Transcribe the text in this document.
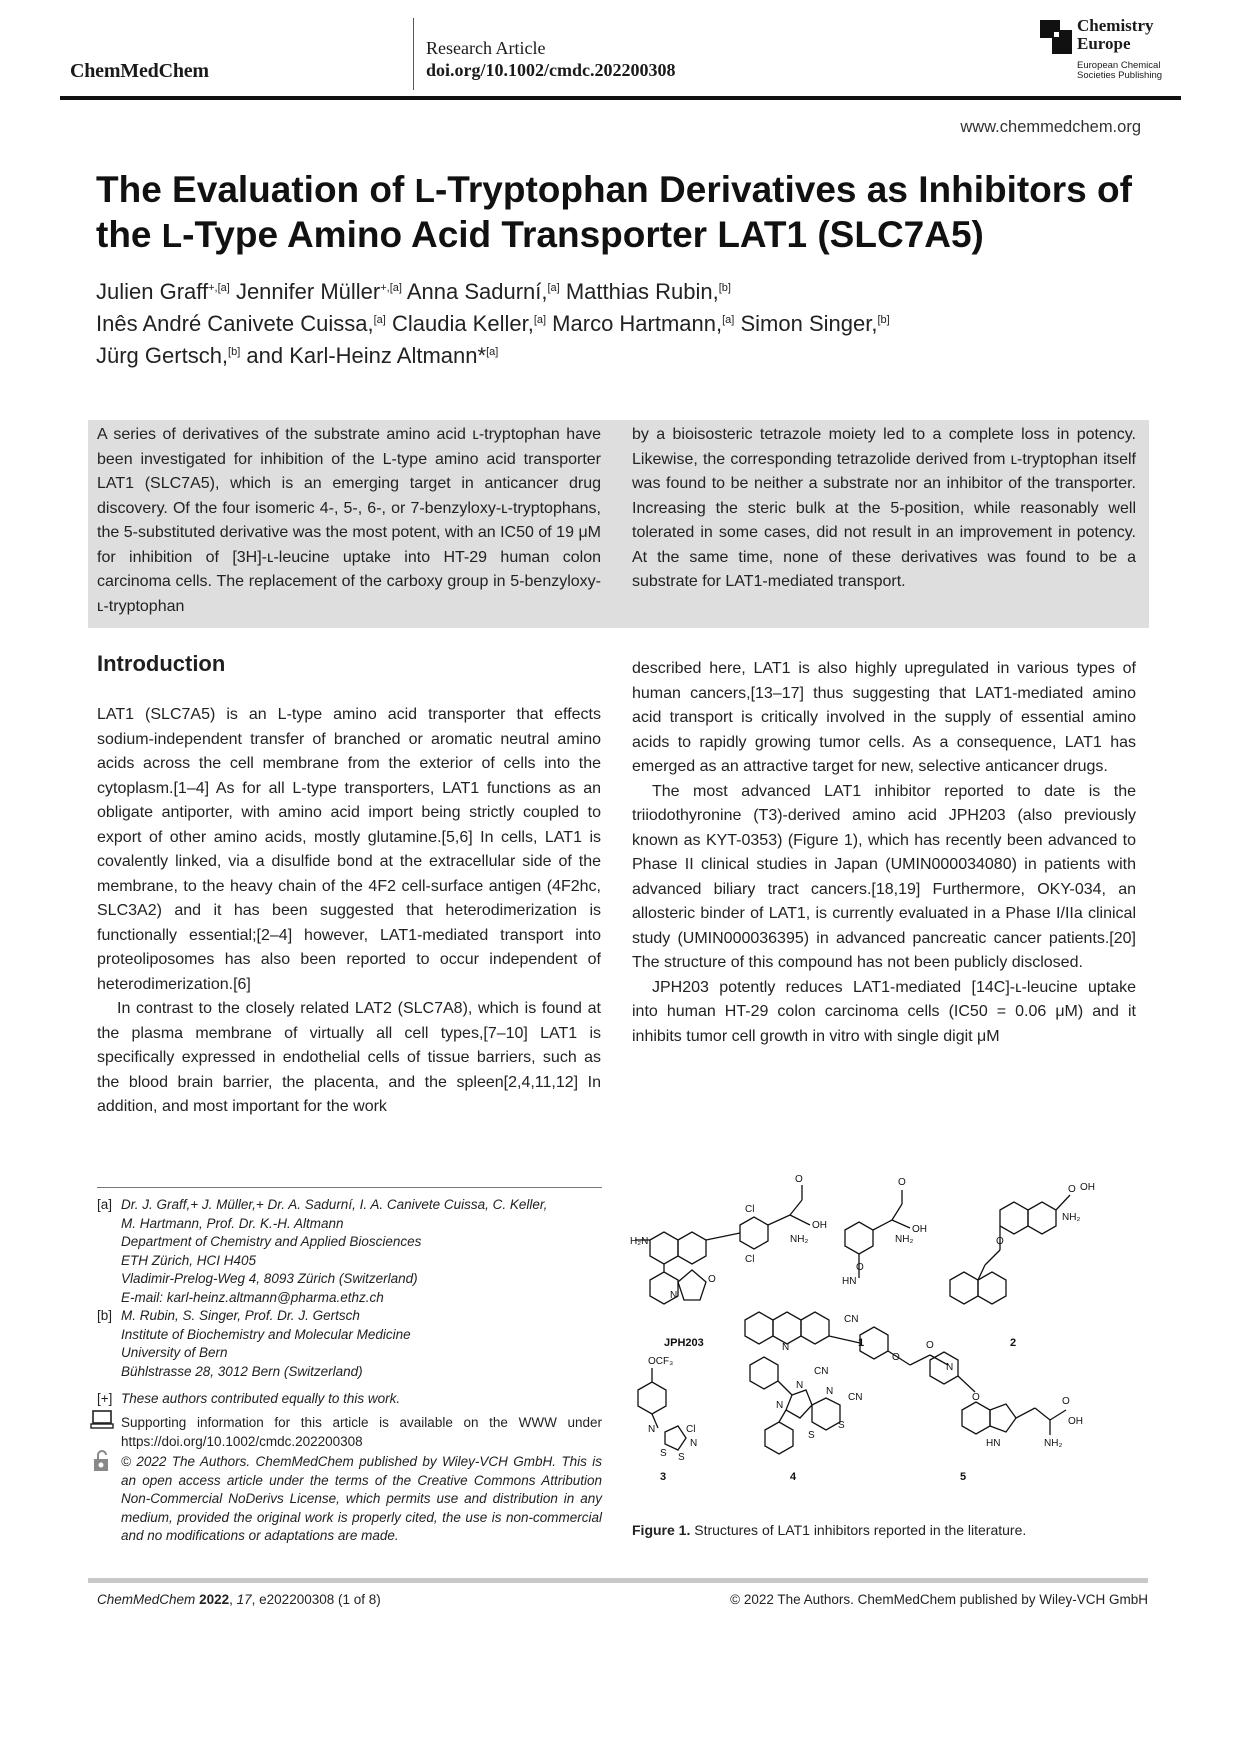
ChemMedChem
Research Article
doi.org/10.1002/cmdc.202200308
Chemistry
Europe
European Chemical
Societies Publishing
www.chemmedchem.org
The Evaluation of L-Tryptophan Derivatives as Inhibitors of the L-Type Amino Acid Transporter LAT1 (SLC7A5)
Julien Graff$^{+,[a]}$ Jennifer Müller$^{+,[a]}$ Anna Sadurní,[a] Matthias Rubin,[b]
Inês André Canivete Cuissa,[a] Claudia Keller,[a] Marco Hartmann,[a] Simon Singer,[b]
Jürg Gertsch,[b] and Karl-Heinz Altmann*[a]

A series of derivatives of the substrate amino acid ʟ-tryptophan have been investigated for inhibition of the L-type amino acid transporter LAT1 (SLC7A5), which is an emerging target in anticancer drug discovery. Of the four isomeric 4-, 5-, 6-, or 7-benzyloxy-ʟ-tryptophans, the 5-substituted derivative was the most potent, with an IC50 of 19 μM for inhibition of [3H]-ʟ-leucine uptake into HT-29 human colon carcinoma cells. The replacement of the carboxy group in 5-benzyloxy-ʟ-tryptophan

by a bioisosteric tetrazole moiety led to a complete loss in potency. Likewise, the corresponding tetrazolide derived from ʟ-tryptophan itself was found to be neither a substrate nor an inhibitor of the transporter. Increasing the steric bulk at the 5-position, while reasonably well tolerated in some cases, did not result in an improvement in potency. At the same time, none of these derivatives was found to be a substrate for LAT1-mediated transport.

Introduction

LAT1 (SLC7A5) is an L-type amino acid transporter that effects sodium-independent transfer of branched or aromatic neutral amino acids across the cell membrane from the exterior of cells into the cytoplasm.[1–4] As for all L-type transporters, LAT1 functions as an obligate antiporter, with amino acid import being strictly coupled to export of other amino acids, mostly glutamine.[5,6] In cells, LAT1 is covalently linked, via a disulfide bond at the extracellular side of the membrane, to the heavy chain of the 4F2 cell-surface antigen (4F2hc, SLC3A2) and it has been suggested that heterodimerization is functionally essential;[2–4] however, LAT1-mediated transport into proteoliposomes has also been reported to occur independent of heterodimerization.[6]

In contrast to the closely related LAT2 (SLC7A8), which is found at the plasma membrane of virtually all cell types,[7–10] LAT1 is specifically expressed in endothelial cells of tissue barriers, such as the blood brain barrier, the placenta, and the spleen[2,4,11,12] In addition, and most important for the work

described here, LAT1 is also highly upregulated in various types of human cancers,[13–17] thus suggesting that LAT1-mediated amino acid transport is critically involved in the supply of essential amino acids to rapidly growing tumor cells. As a consequence, LAT1 has emerged as an attractive target for new, selective anticancer drugs.

The most advanced LAT1 inhibitor reported to date is the triiodothyronine (T3)-derived amino acid JPH203 (also previously known as KYT-0353) (Figure 1), which has recently been advanced to Phase II clinical studies in Japan (UMIN000034080) in patients with advanced biliary tract cancers.[18,19] Furthermore, OKY-034, an allosteric binder of LAT1, is currently evaluated in a Phase I/IIa clinical study (UMIN000036395) in advanced pancreatic cancer patients.[20] The structure of this compound has not been publicly disclosed.

JPH203 potently reduces LAT1-mediated [14C]-ʟ-leucine uptake into human HT-29 colon carcinoma cells (IC50 = 0.06 μM) and it inhibits tumor cell growth in vitro with single digit μM

[a] Dr. J. Graff,+ J. Müller,+ Dr. A. Sadurní, I. A. Canivete Cuissa, C. Keller,
M. Hartmann, Prof. Dr. K.-H. Altmann
Department of Chemistry and Applied Biosciences
ETH Zürich, HCI H405
Vladimir-Prelog-Weg 4, 8093 Zürich (Switzerland)
E-mail: karl-heinz.altmann@pharma.ethz.ch
[b] M. Rubin, S. Singer, Prof. Dr. J. Gertsch
Institute of Biochemistry and Molecular Medicine
University of Bern
Bühlstrasse 28, 3012 Bern (Switzerland)
[+] These authors contributed equally to this work.
Supporting information for this article is available on the WWW under https://doi.org/10.1002/cmdc.202200308
© 2022 The Authors. ChemMedChem published by Wiley-VCH GmbH. This is an open access article under the terms of the Creative Commons Attribution Non-Commercial NoDerivs License, which permits use and distribution in any medium, provided the original work is properly cited, the use is non-commercial and no modifications or adaptations are made.
H₂N
Cl
Cl
NH₂
O
OH
O
N
NH₂
O
OH
HN
O
CN
CN
N
O
O
N
O OH
NH₂
O
OCF₃
N	Cl
S S
N
N
N
CN
S
S
N
O
HN	NH₂
O
OH
JPH203	1	2
3	4	5
Figure 1. Structures of LAT1 inhibitors reported in the literature.
ChemMedChem 2022, 17, e202200308 (1 of 8)	© 2022 The Authors. ChemMedChem published by Wiley-VCH GmbH
